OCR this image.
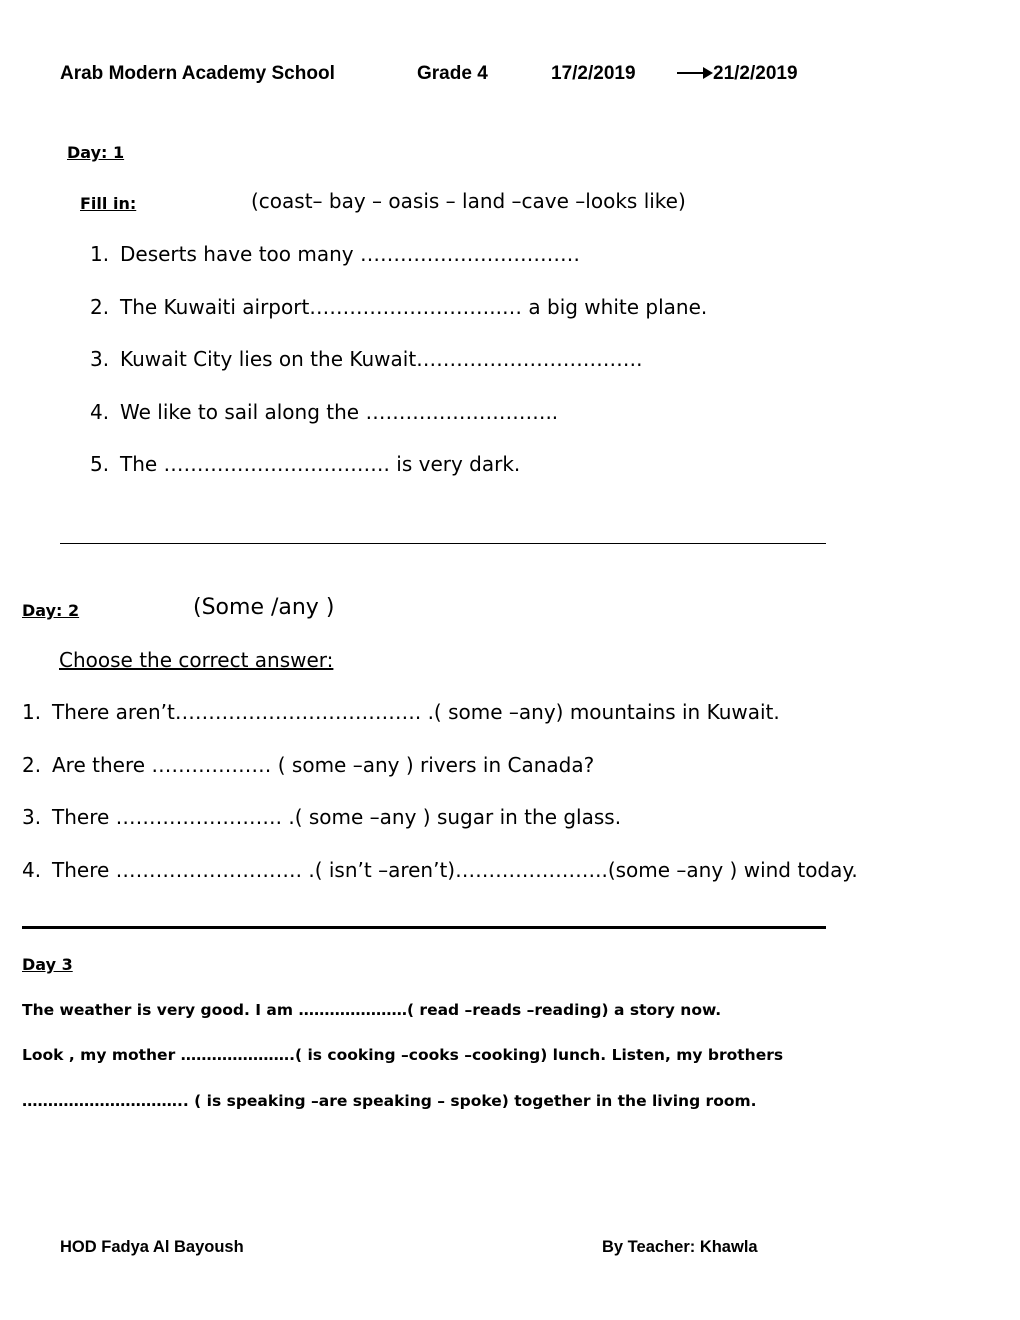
Arab Modern Academy School	Grade 4	17/2/2019	21/2/2019
Day: 1
Fill in:	(coast– bay – oasis – land –cave –looks like)
1. Deserts have too many ……………………………
2. The Kuwaiti airport………………………..… a big white plane.
3. Kuwait City lies on the Kuwait…………………………….
4. We like to sail along the ………………………..
5. The ……………………………. is very dark.
Day: 2	(Some /any )
Choose the correct answer:
1. There aren’t………………………………. .( some –any) mountains in Kuwait.
2. Are there ……………… ( some –any ) rivers in Canada?
3. There ……………………. .( some –any ) sugar in the glass.
4. There ………………………. .( isn’t –aren’t)…………………..(some –any ) wind today.
Day 3
The weather is very good. I am …………………( read –reads –reading) a story now.
Look , my mother ………………….( is cooking –cooks –cooking) lunch. Listen, my brothers
………………………….. ( is speaking –are speaking – spoke) together in the living room.
HOD Fadya Al Bayoush	By Teacher: Khawla
